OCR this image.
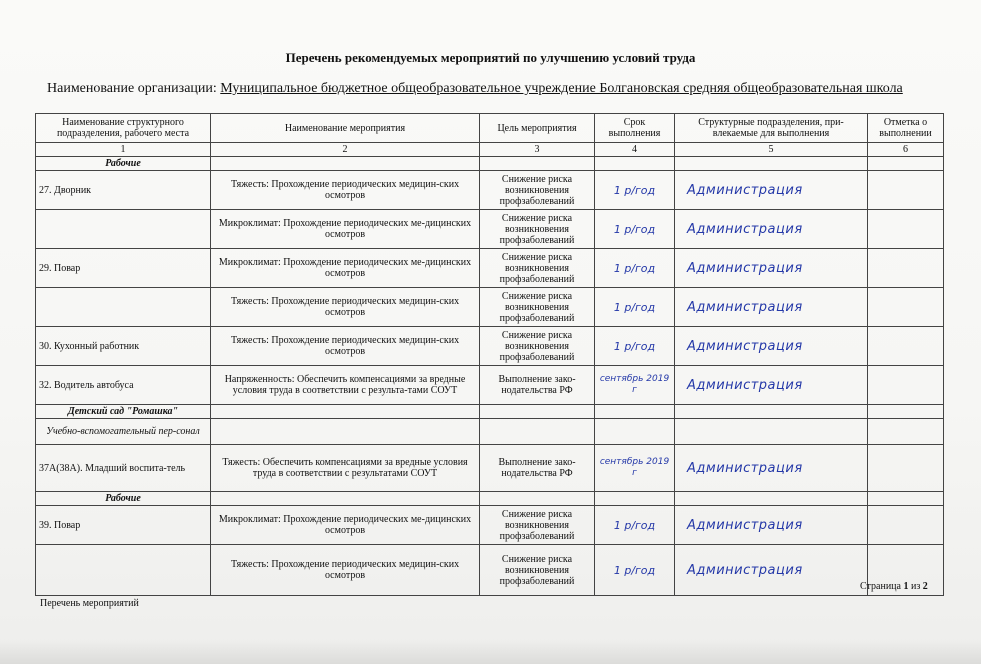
Перечень рекомендуемых мероприятий по улучшению условий труда
Наименование организации: Муниципальное бюджетное общеобразовательное учреждение Болгановская средняя общеобразовательная школа
Наименование структурного подразделения, рабочего места	Наименование мероприятия	Цель мероприятия	Срок выполнения	Структурные подразделения, при-влекаемые для выполнения	Отметка о выполнении
1	2	3	4	5	6
Рабочие					
27. Дворник	Тяжесть: Прохождение периодических медицин-ских осмотров	Снижение риска возникновения профзаболеваний	1 р/год	Администрация	
	Микроклимат: Прохождение периодических ме-дицинских осмотров	Снижение риска возникновения профзаболеваний	1 р/год	Администрация	
29. Повар	Микроклимат: Прохождение периодических ме-дицинских осмотров	Снижение риска возникновения профзаболеваний	1 р/год	Администрация	
	Тяжесть: Прохождение периодических медицин-ских осмотров	Снижение риска возникновения профзаболеваний	1 р/год	Администрация	
30. Кухонный работник	Тяжесть: Прохождение периодических медицин-ских осмотров	Снижение риска возникновения профзаболеваний	1 р/год	Администрация	
32. Водитель автобуса	Напряженность: Обеспечить компенсациями за вредные условия труда в соответствии с результа-тами СОУТ	Выполнение зако-нодательства РФ	сентябрь 2019 г	Администрация	
Детский сад "Ромашка"					
Учебно-вспомогательный пер-сонал					
37А(38А). Младший воспита-тель	Тяжесть: Обеспечить компенсациями за вредные условия труда в соответствии с результатами СОУТ	Выполнение зако-нодательства РФ	сентябрь 2019 г	Администрация	
Рабочие					
39. Повар	Микроклимат: Прохождение периодических ме-дицинских осмотров	Снижение риска возникновения профзаболеваний	1 р/год	Администрация	
	Тяжесть: Прохождение периодических медицин-ских осмотров	Снижение риска возникновения профзаболеваний	1 р/год	Администрация	
Страница 1 из 2
Перечень мероприятий
